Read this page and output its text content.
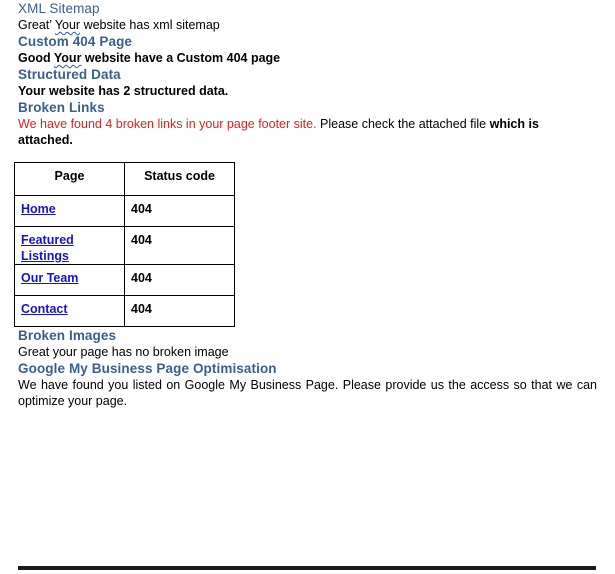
XML Sitemap

Great’ Your website has xml sitemap

Custom 404 Page

Good Your website have a Custom 404 page

Structured Data

Your website has 2 structured data.

Broken Links

We have found 4 broken links in your page footer site. Please check the attached file which is attached.

Page	Status code
Home	404
Featured Listings	404
Our Team	404
Contact	404
Broken Images

Great your page has no broken image

Google My Business Page Optimisation

We have found you listed on Google My Business Page. Please provide us the access so that we can optimize your page.
